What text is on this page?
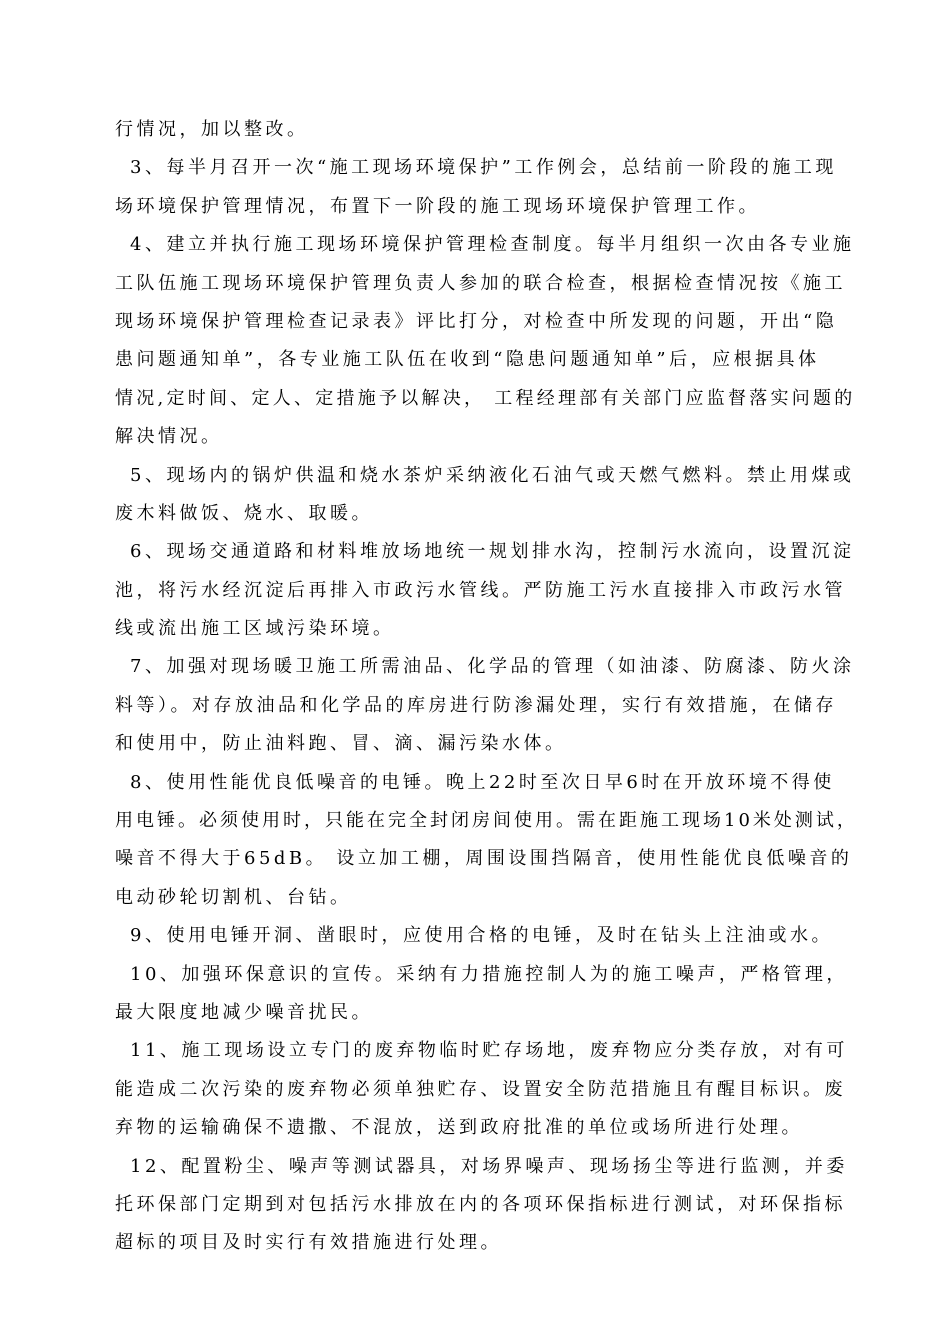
行情况，加以整改。
3、每半月召开一次“施工现场环境保护”工作例会，总结前一阶段的施工现
场环境保护管理情况，布置下一阶段的施工现场环境保护管理工作。
4、建立并执行施工现场环境保护管理检查制度。每半月组织一次由各专业施
工队伍施工现场环境保护管理负责人参加的联合检查，根据检查情况按《施工
现场环境保护管理检查记录表》评比打分，对检查中所发现的问题，开出“隐
患问题通知单”，各专业施工队伍在收到“隐患问题通知单”后，应根据具体
情况,定时间、定人、定措施予以解决， 工程经理部有关部门应监督落实问题的
解决情况。
5、现场内的锅炉供温和烧水茶炉采纳液化石油气或天燃气燃料。禁止用煤或
废木料做饭、烧水、取暖。
6、现场交通道路和材料堆放场地统一规划排水沟，控制污水流向，设置沉淀
池，将污水经沉淀后再排入市政污水管线。严防施工污水直接排入市政污水管
线或流出施工区域污染环境。
7、加强对现场暖卫施工所需油品、化学品的管理（如油漆、防腐漆、防火涂
料等）。对存放油品和化学品的库房进行防渗漏处理，实行有效措施，在储存
和使用中，防止油料跑、冒、滴、漏污染水体。
8、使用性能优良低噪音的电锤。晚上22时至次日早6时在开放环境不得使
用电锤。必须使用时，只能在完全封闭房间使用。需在距施工现场10米处测试，
噪音不得大于65dB。 设立加工棚，周围设围挡隔音，使用性能优良低噪音的
电动砂轮切割机、台钻。
9、使用电锤开洞、凿眼时，应使用合格的电锤，及时在钻头上注油或水。
10、加强环保意识的宣传。采纳有力措施控制人为的施工噪声，严格管理，
最大限度地减少噪音扰民。
11、施工现场设立专门的废弃物临时贮存场地，废弃物应分类存放，对有可
能造成二次污染的废弃物必须单独贮存、设置安全防范措施且有醒目标识。废
弃物的运输确保不遗撒、不混放，送到政府批准的单位或场所进行处理。
12、配置粉尘、噪声等测试器具，对场界噪声、现场扬尘等进行监测，并委
托环保部门定期到对包括污水排放在内的各项环保指标进行测试，对环保指标
超标的项目及时实行有效措施进行处理。
